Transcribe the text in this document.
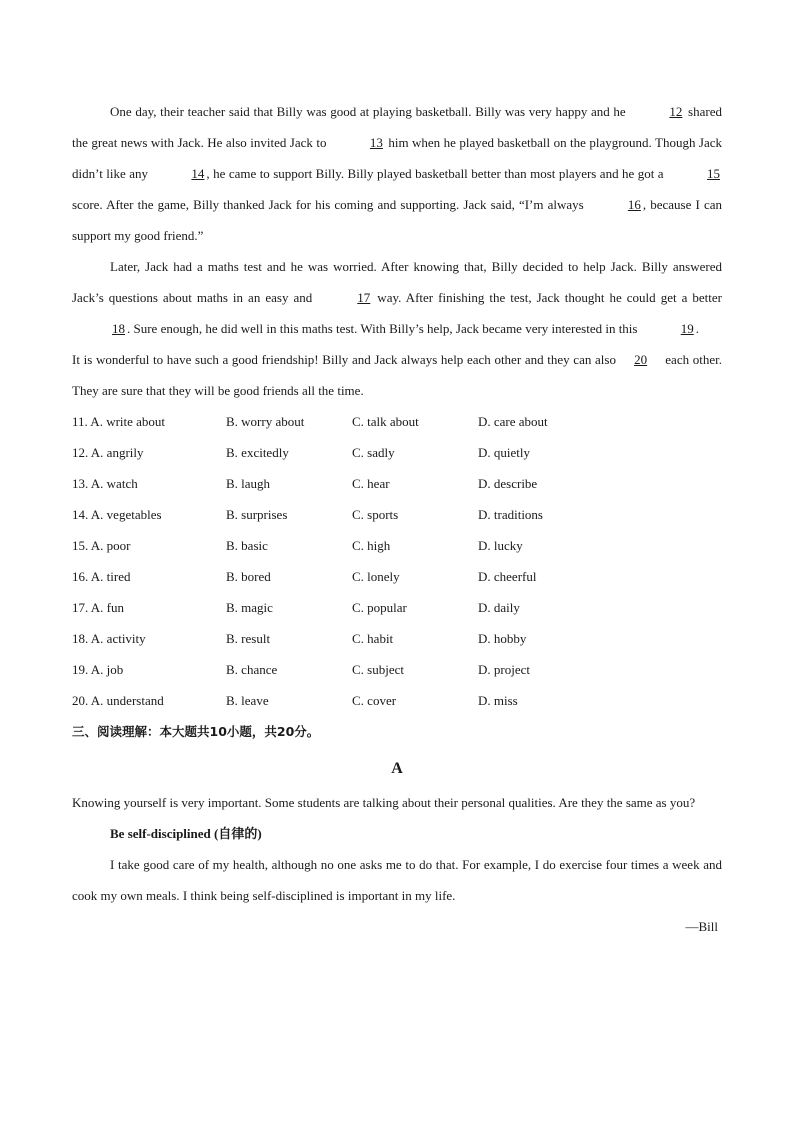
One day, their teacher said that Billy was good at playing basketball. Billy was very happy and he	12 shared the great news with Jack. He also invited Jack to	13 him when he played basketball on the playground. Though Jack didn’t like any	14 , he came to support Billy. Billy played basketball better than most players and he got a	15 score. After the game, Billy thanked Jack for his coming and supporting. Jack said, “I’m always	16 , because I can support my good friend.”

Later, Jack had a maths test and he was worried. After knowing that, Billy decided to help Jack. Billy answered Jack’s questions about maths in an easy and	17 way. After finishing the test, Jack thought he could get a better 18 . Sure enough, he did well in this maths test. With Billy’s help, Jack became very interested in this	19 .

It is wonderful to have such a good friendship! Billy and Jack always help each other and they can also 20 each other. They are sure that they will be good friends all the time.

11. A. write about	B. worry about	C. talk about	D. care about
12. A. angrily	B. excitedly	C. sadly	D. quietly
13. A. watch	B. laugh	C. hear	D. describe
14. A. vegetables	B. surprises	C. sports	D. traditions
15. A. poor	B. basic	C. high	D. lucky
16. A. tired	B. bored	C. lonely	D. cheerful
17. A. fun	B. magic	C. popular	D. daily
18. A. activity	B. result	C. habit	D. hobby
19. A. job	B. chance	C. subject	D. project
20. A. understand	B. leave	C. cover	D. miss
三、阅读理解：本大题共10小题，共20分。
A

Knowing yourself is very important. Some students are talking about their personal qualities. Are they the same as you?

Be self-disciplined (自律的)

I take good care of my health, although no one asks me to do that. For example, I do exercise four times a week and cook my own meals. I think being self-disciplined is important in my life.

—Bill
